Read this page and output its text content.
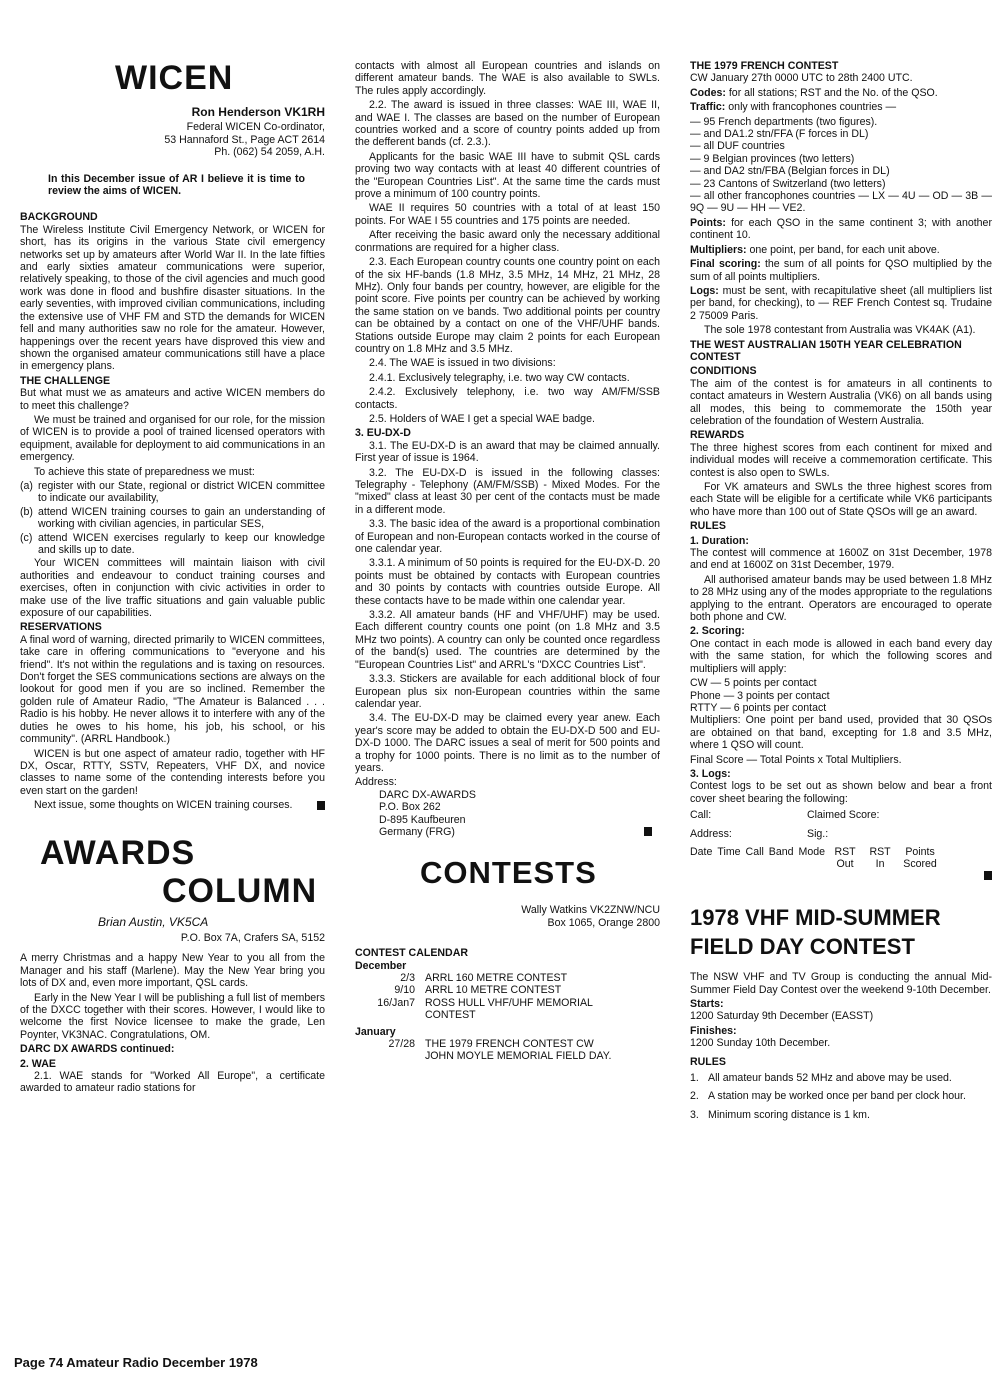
WICEN
Ron Henderson VK1RH
Federal WICEN Co-ordinator,
53 Hannaford St., Page ACT 2614
Ph. (062) 54 2059, A.H.

In this December issue of AR I believe it is time to review the aims of WICEN.

BACKGROUND

The Wireless Institute Civil Emergency Network, or WICEN for short, has its origins in the various State civil emergency networks set up by amateurs after World War II. In the late fifties and early sixties amateur communications were superior, relatively speaking, to those of the civil agencies and much good work was done in flood and bushfire disaster situations. In the early seventies, with improved civilian communications, including the extensive use of VHF FM and STD the demands for WICEN fell and many authorities saw no role for the amateur. However, happenings over the recent years have disproved this view and shown the organised amateur communications still have a place in emergency plans.

THE CHALLENGE

But what must we as amateurs and active WICEN members do to meet this challenge?

We must be trained and organised for our role, for the mission of WICEN is to provide a pool of trained licensed operators with equipment, available for deployment to aid communications in an emergency.

To achieve this state of preparedness we must:

(a) register with our State, regional or district WICEN committee to indicate our availability,
(b) attend WICEN training courses to gain an understanding of working with civilian agencies, in particular SES,
(c) attend WICEN exercises regularly to keep our knowledge and skills up to date.

Your WICEN committees will maintain liaison with civil authorities and endeavour to conduct training courses and exercises, often in conjunction with civic activities in order to make use of the live traffic situations and gain valuable public exposure of our capabilities.

RESERVATIONS

A final word of warning, directed primarily to WICEN committees, take care in offering communications to "everyone and his friend". It's not within the regulations and is taxing on resources. Don't forget the SES communications sections are always on the lookout for good men if you are so inclined. Remember the golden rule of Amateur Radio, "The Amateur is Balanced . . . Radio is his hobby. He never allows it to interfere with any of the duties he owes to his home, his job, his school, or his community". (ARRL Handbook.)

WICEN is but one aspect of amateur radio, together with HF DX, Oscar, RTTY, SSTV, Repeaters, VHF DX, and novice classes to name some of the contending interests before you even start on the garden!

Next issue, some thoughts on WICEN training courses.

AWARDS
COLUMN
Brian Austin, VK5CA
P.O. Box 7A, Crafers SA, 5152

A merry Christmas and a happy New Year to you all from the Manager and his staff (Marlene). May the New Year bring you lots of DX and, even more important, QSL cards.

Early in the New Year I will be publishing a full list of members of the DXCC together with their scores. However, I would like to welcome the first Novice licensee to make the grade, Len Poynter, VK3NAC. Congratulations, OM.

DARC DX AWARDS continued:
2. WAE

2.1. WAE stands for "Worked All Europe", a certificate awarded to amateur radio stations for

contacts with almost all European countries and islands on different amateur bands. The WAE is also available to SWLs. The rules apply accordingly.

2.2. The award is issued in three classes: WAE III, WAE II, and WAE I. The classes are based on the number of European countries worked and a score of country points added up from the defferent bands (cf. 2.3.).

Applicants for the basic WAE III have to submit QSL cards proving two way contacts with at least 40 different countries of the "European Countries List". At the same time the cards must prove a minimum of 100 country points.

WAE II requires 50 countries with a total of at least 150 points. For WAE I 55 countries and 175 points are needed.

After receiving the basic award only the necessary additional conrmations are required for a higher class.

2.3. Each European country counts one country point on each of the six HF-bands (1.8 MHz, 3.5 MHz, 14 MHz, 21 MHz, 28 MHz). Only four bands per country, however, are eligible for the point score. Five points per country can be achieved by working the same station on ve bands. Two additional points per country can be obtained by a contact on one of the VHF/UHF bands. Stations outside Europe may claim 2 points for each European country on 1.8 MHz and 3.5 MHz.

2.4. The WAE is issued in two divisions:

2.4.1. Exclusively telegraphy, i.e. two way CW contacts.

2.4.2. Exclusively telephony, i.e. two way AM/FM/SSB contacts.

2.5. Holders of WAE I get a special WAE badge.

3. EU-DX-D

3.1. The EU-DX-D is an award that may be claimed annually. First year of issue is 1964.

3.2. The EU-DX-D is issued in the following classes: Telegraphy - Telephony (AM/FM/SSB) - Mixed Modes. For the "mixed" class at least 30 per cent of the contacts must be made in a different mode.

3.3. The basic idea of the award is a proportional combination of European and non-European contacts worked in the course of one calendar year.

3.3.1. A minimum of 50 points is required for the EU-DX-D. 20 points must be obtained by contacts with European countries and 30 points by contacts with countries outside Europe. All these contacts have to be made within one calendar year.

3.3.2. All amateur bands (HF and VHF/UHF) may be used. Each different country counts one point (on 1.8 MHz and 3.5 MHz two points). A country can only be counted once regardless of the band(s) used. The countries are determined by the "European Countries List" and ARRL's "DXCC Countries List".

3.3.3. Stickers are available for each additional block of four European plus six non-European countries within the same calendar year.

3.4. The EU-DX-D may be claimed every year anew. Each year's score may be added to obtain the EU-DX-D 500 and EU-DX-D 1000. The DARC issues a seal of merit for 500 points and a trophy for 1000 points. There is no limit as to the number of years.

Address:
DARC DX-AWARDS
P.O. Box 262
D-895 Kaufbeuren
Germany (FRG)
CONTESTS
Wally Watkins VK2ZNW/NCU
Box 1065, Orange 2800
CONTEST CALENDAR
December
2/3	ARRL 160 METRE CONTEST
9/10	ARRL 10 METRE CONTEST
16/Jan7	ROSS HULL VHF/UHF MEMORIAL CONTEST
January
27/28	THE 1979 FRENCH CONTEST CW
JOHN MOYLE MEMORIAL FIELD DAY.
THE 1979 FRENCH CONTEST

CW January 27th 0000 UTC to 28th 2400 UTC.

Codes: for all stations; RST and the No. of the QSO.

Traffic: only with francophones countries —

— 95 French departments (two figures).
— and DA1.2 stn/FFA (F forces in DL)
— all DUF countries
— 9 Belgian provinces (two letters)
— and DA2 stn/FBA (Belgian forces in DL)
— 23 Cantons of Switzerland (two letters)

— all other francophones countries — LX — 4U — OD — 3B — 9Q — 9U — HH — VE2.

Points: for each QSO in the same continent 3; with another continent 10.

Multipliers: one point, per band, for each unit above.

Final scoring: the sum of all points for QSO multiplied by the sum of all points multipliers.

Logs: must be sent, with recapitulative sheet (all multipliers list per band, for checking), to — REF French Contest sq. Trudaine 2 75009 Paris.

The sole 1978 contestant from Australia was VK4AK (A1).

THE WEST AUSTRALIAN 150TH YEAR CELEBRATION CONTEST
CONDITIONS

The aim of the contest is for amateurs in all continents to contact amateurs in Western Australia (VK6) on all bands using all modes, this being to commemorate the 150th year celebration of the foundation of Western Australia.

REWARDS

The three highest scores from each continent for mixed and individual modes will receive a commemoration certificate. This contest is also open to SWLs.

For VK amateurs and SWLs the three highest scores from each State will be eligible for a certificate while VK6 participants who have more than 100 out of State QSOs will ge an award.

RULES
1. Duration:

The contest will commence at 1600Z on 31st December, 1978 and end at 1600Z on 31st December, 1979.

All authorised amateur bands may be used between 1.8 MHz to 28 MHz using any of the modes appropriate to the regulations applying to the entrant. Operators are encouraged to operate both phone and CW.

2. Scoring:

One contact in each mode is allowed in each band every day with the same station, for which the following scores and multipliers will apply:

CW — 5 points per contact
Phone — 3 points per contact
RTTY — 6 points per contact

Multipliers: One point per band used, provided that 30 QSOs are obtained on that band, excepting for 1.8 and 3.5 MHz, where 1 QSO will count.

Final Score — Total Points x Total Multipliers.

3. Logs:

Contest logs to be set out as shown below and bear a front cover sheet bearing the following:

Call:	Claimed Score:
Address:	Sig.:
Date	Time	Call	Band	Mode	RST Out	RST In	Points Scored
1978 VHF MID-SUMMER
FIELD DAY CONTEST

The NSW VHF and TV Group is conducting the annual Mid-Summer Field Day Contest over the weekend 9-10th December.

Starts:

1200 Saturday 9th December (EASST)

Finishes:

1200 Sunday 10th December.

RULES
1. All amateur bands 52 MHz and above may be used.
2. A station may be worked once per band per clock hour.
3. Minimum scoring distance is 1 km.
Page 74 Amateur Radio December 1978
